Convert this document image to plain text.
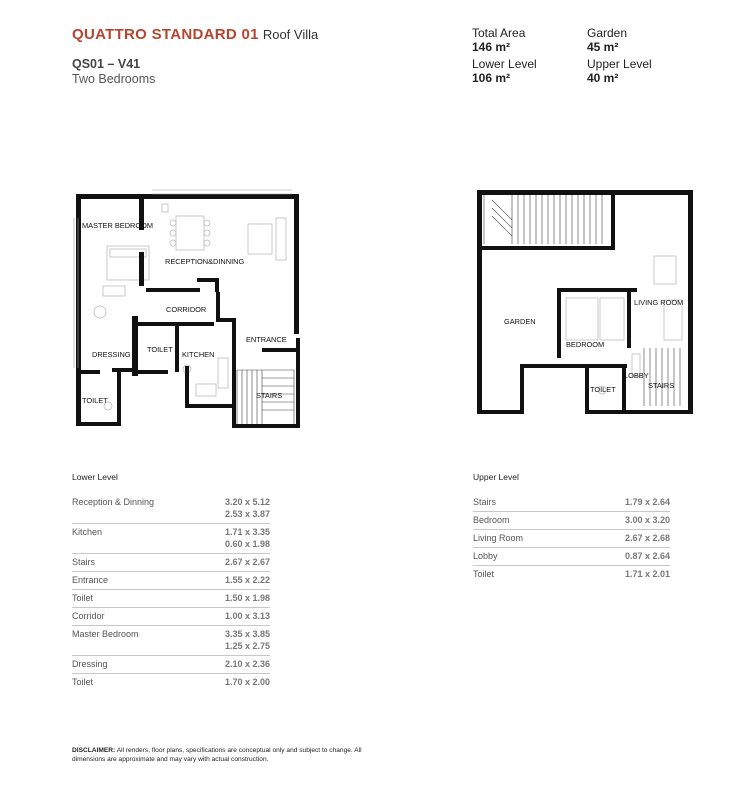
QUATTRO STANDARD 01 Roof Villa
QS01 – V41
Two Bedrooms
Total Area
146 m²
Garden
45 m²
Lower Level
106 m²
Upper Level
40 m²
MASTER BEDROOM
RECEPTION&DINNING
CORRIDOR
TOILET
KITCHEN
ENTRANCE
DRESSING
TOILET
STAIRS
GARDEN
BEDROOM
LIVING ROOM
TOILET
LOBBY
STAIRS
Lower Level
Reception & Dinning	3.20 x 5.12
2.53 x 3.87

Kitchen	1.71 x 3.35
0.60 x 1.98

Stairs	2.67 x 2.67

Entrance	1.55 x 2.22

Toilet	1.50 x 1.98

Corridor	1.00 x 3.13

Master Bedroom	3.35 x 3.85
1.25 x 2.75

Dressing	2.10 x 2.36

Toilet	1.70 x 2.00
Upper Level
Stairs	1.79 x 2.64

Bedroom	3.00 x 3.20

Living Room	2.67 x 2.68

Lobby	0.87 x 2.64

Toilet	1.71 x 2.01
DISCLAIMER: All renders, floor plans, specifications are conceptual only and subject to change. All dimensions are approximate and may vary with actual construction.
